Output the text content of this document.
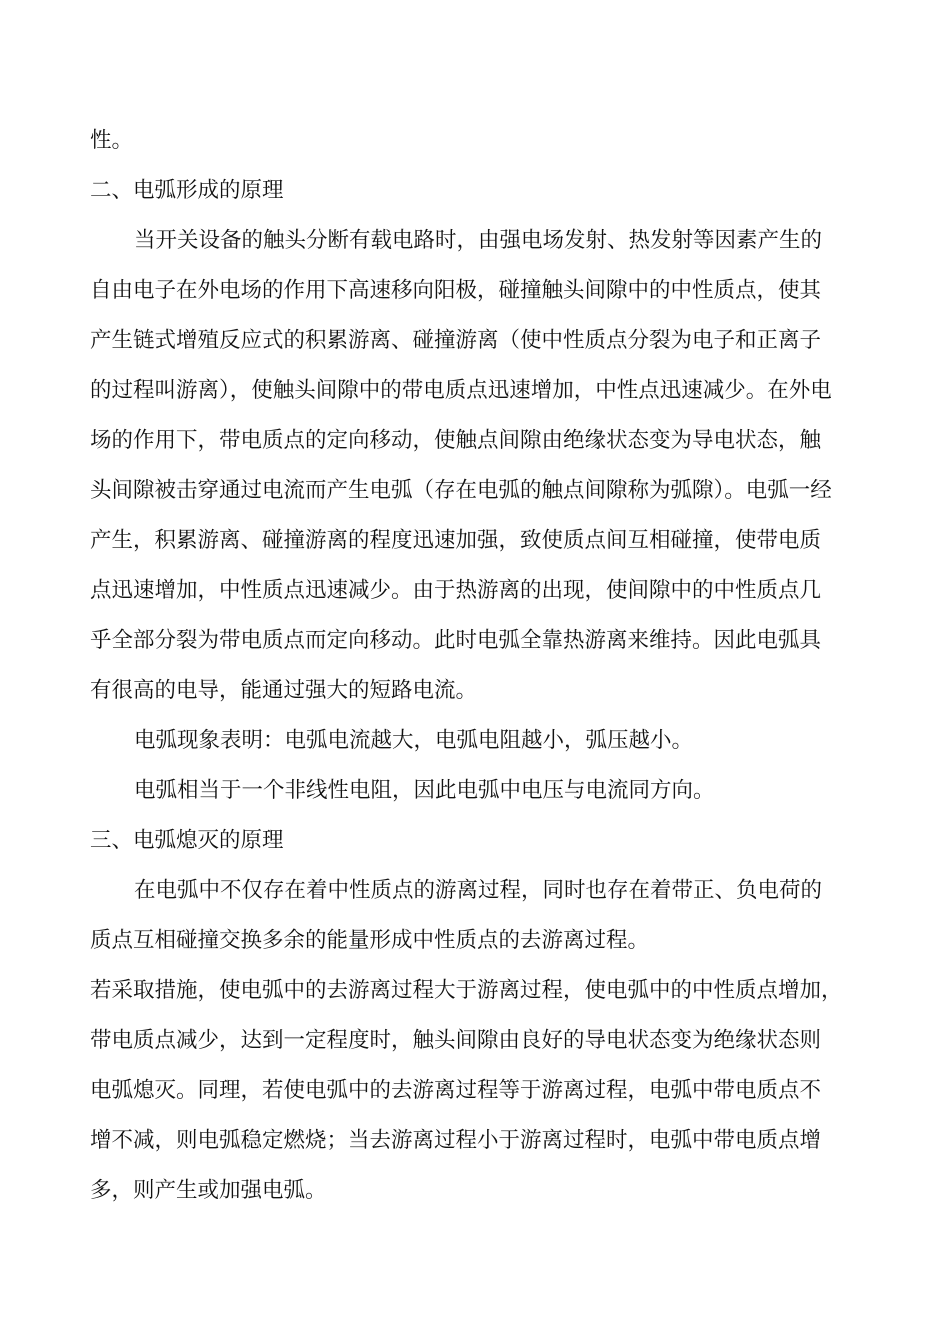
性。
二、电弧形成的原理
当开关设备的触头分断有载电路时，由强电场发射、热发射等因素产生的
自由电子在外电场的作用下高速移向阳极，碰撞触头间隙中的中性质点，使其
产生链式增殖反应式的积累游离、碰撞游离（使中性质点分裂为电子和正离子
的过程叫游离），使触头间隙中的带电质点迅速增加，中性点迅速减少。在外电
场的作用下，带电质点的定向移动，使触点间隙由绝缘状态变为导电状态，触
头间隙被击穿通过电流而产生电弧（存在电弧的触点间隙称为弧隙）。电弧一经
产生，积累游离、碰撞游离的程度迅速加强，致使质点间互相碰撞，使带电质
点迅速增加，中性质点迅速减少。由于热游离的出现，使间隙中的中性质点几
乎全部分裂为带电质点而定向移动。此时电弧全靠热游离来维持。因此电弧具
有很高的电导，能通过强大的短路电流。
电弧现象表明：电弧电流越大，电弧电阻越小，弧压越小。
电弧相当于一个非线性电阻，因此电弧中电压与电流同方向。
三、电弧熄灭的原理
在电弧中不仅存在着中性质点的游离过程，同时也存在着带正、负电荷的
质点互相碰撞交换多余的能量形成中性质点的去游离过程。
若采取措施，使电弧中的去游离过程大于游离过程，使电弧中的中性质点增加，
带电质点减少，达到一定程度时，触头间隙由良好的导电状态变为绝缘状态则
电弧熄灭。同理，若使电弧中的去游离过程等于游离过程，电弧中带电质点不
增不减，则电弧稳定燃烧；当去游离过程小于游离过程时，电弧中带电质点增
多，则产生或加强电弧。
